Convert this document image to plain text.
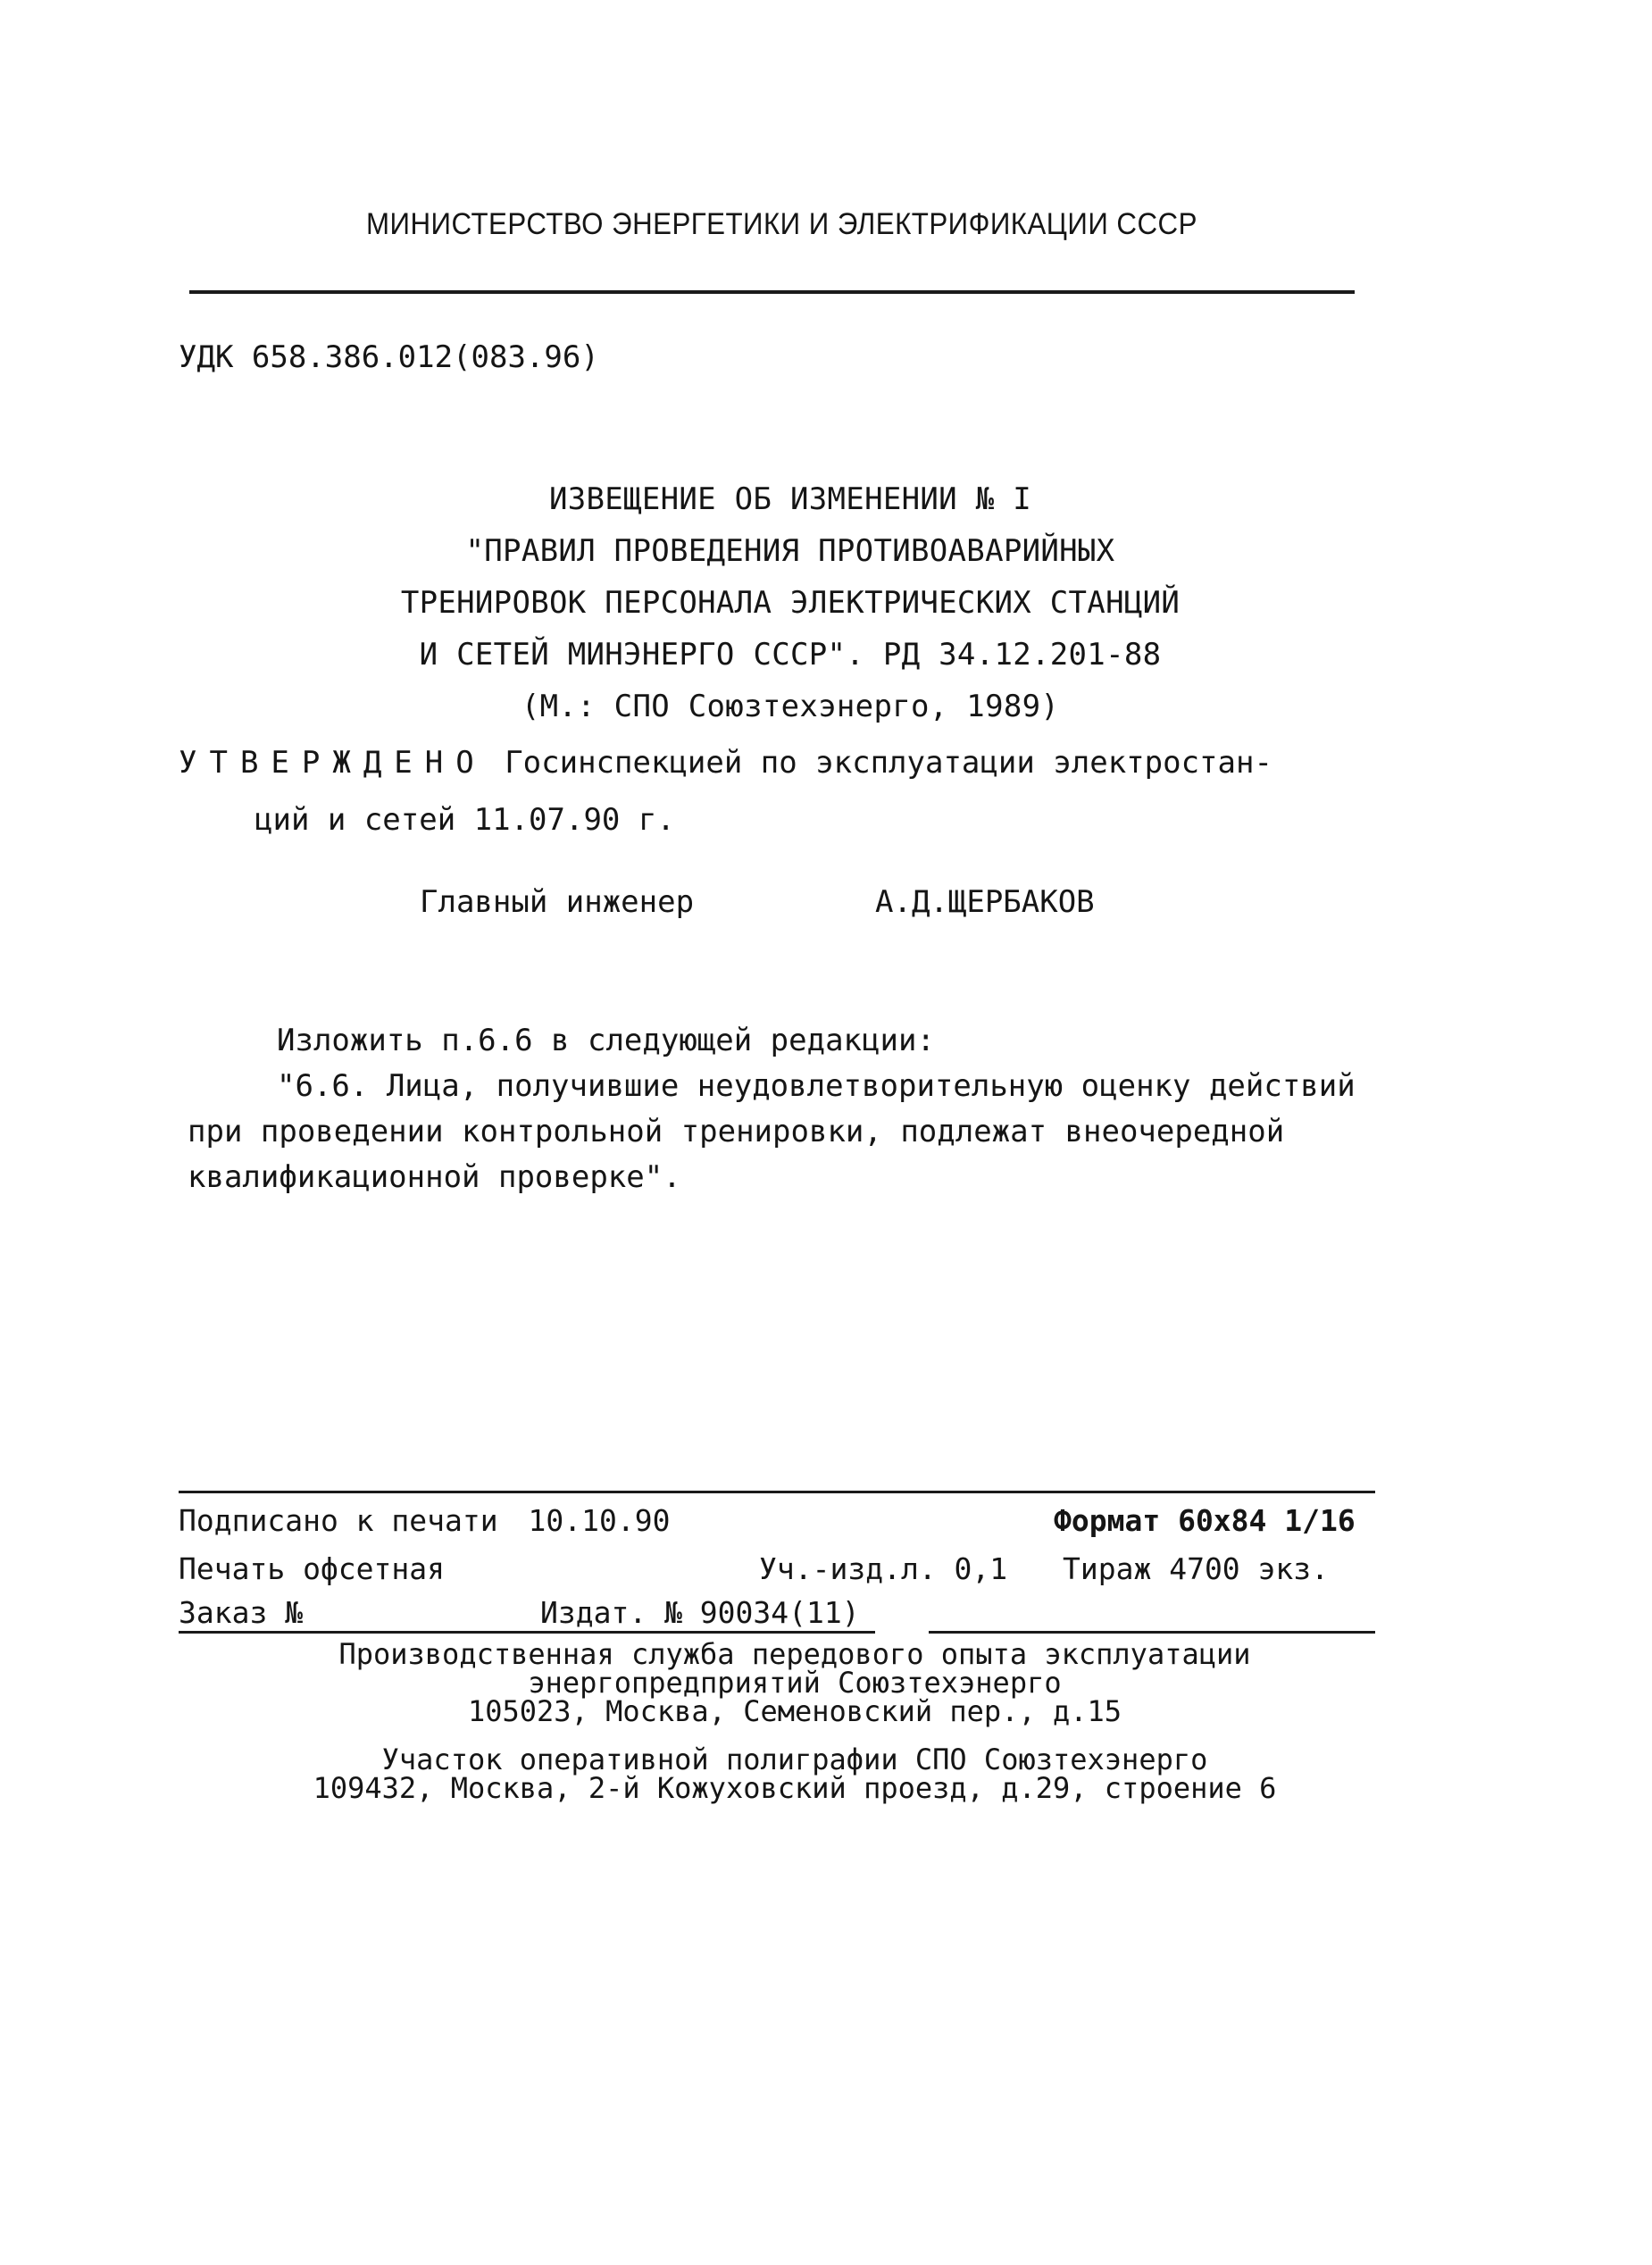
МИНИСТЕРСТВО ЭНЕРГЕТИКИ И ЭЛЕКТРИФИКАЦИИ СССР
УДК 658.386.012(083.96)
ИЗВЕЩЕНИЕ ОБ ИЗМЕНЕНИИ № I
"ПРАВИЛ ПРОВЕДЕНИЯ ПРОТИВОАВАРИЙНЫХ
ТРЕНИРОВОК ПЕРСОНАЛА ЭЛЕКТРИЧЕСКИХ СТАНЦИЙ
И СЕТЕЙ МИНЭНЕРГО СССР". РД 34.12.201-88
(М.: СПО Союзтехэнерго, 1989)
УТВЕРЖДЕНО Госинспекцией по эксплуатации электростан-
ций и сетей 11.07.90 г.
Главный инженер	А.Д.ЩЕРБАКОВ
Изложить п.6.6 в следующей редакции:
"6.6. Лица, получившие неудовлетворительную оценку действий
при проведении контрольной тренировки, подлежат внеочередной
квалификационной проверке".
Подписано к печати 10.10.90	Формат 60х84 1/16
Печать офсетная	Уч.-изд.л. 0,1 Тираж 4700 экз.
Заказ №	Издат. № 90034(11)
Производственная служба передового опыта эксплуатации
энергопредприятий Союзтехэнерго
105023, Москва, Семеновский пер., д.15
Участок оперативной полиграфии СПО Союзтехэнерго
109432, Москва, 2-й Кожуховский проезд, д.29, строение 6
